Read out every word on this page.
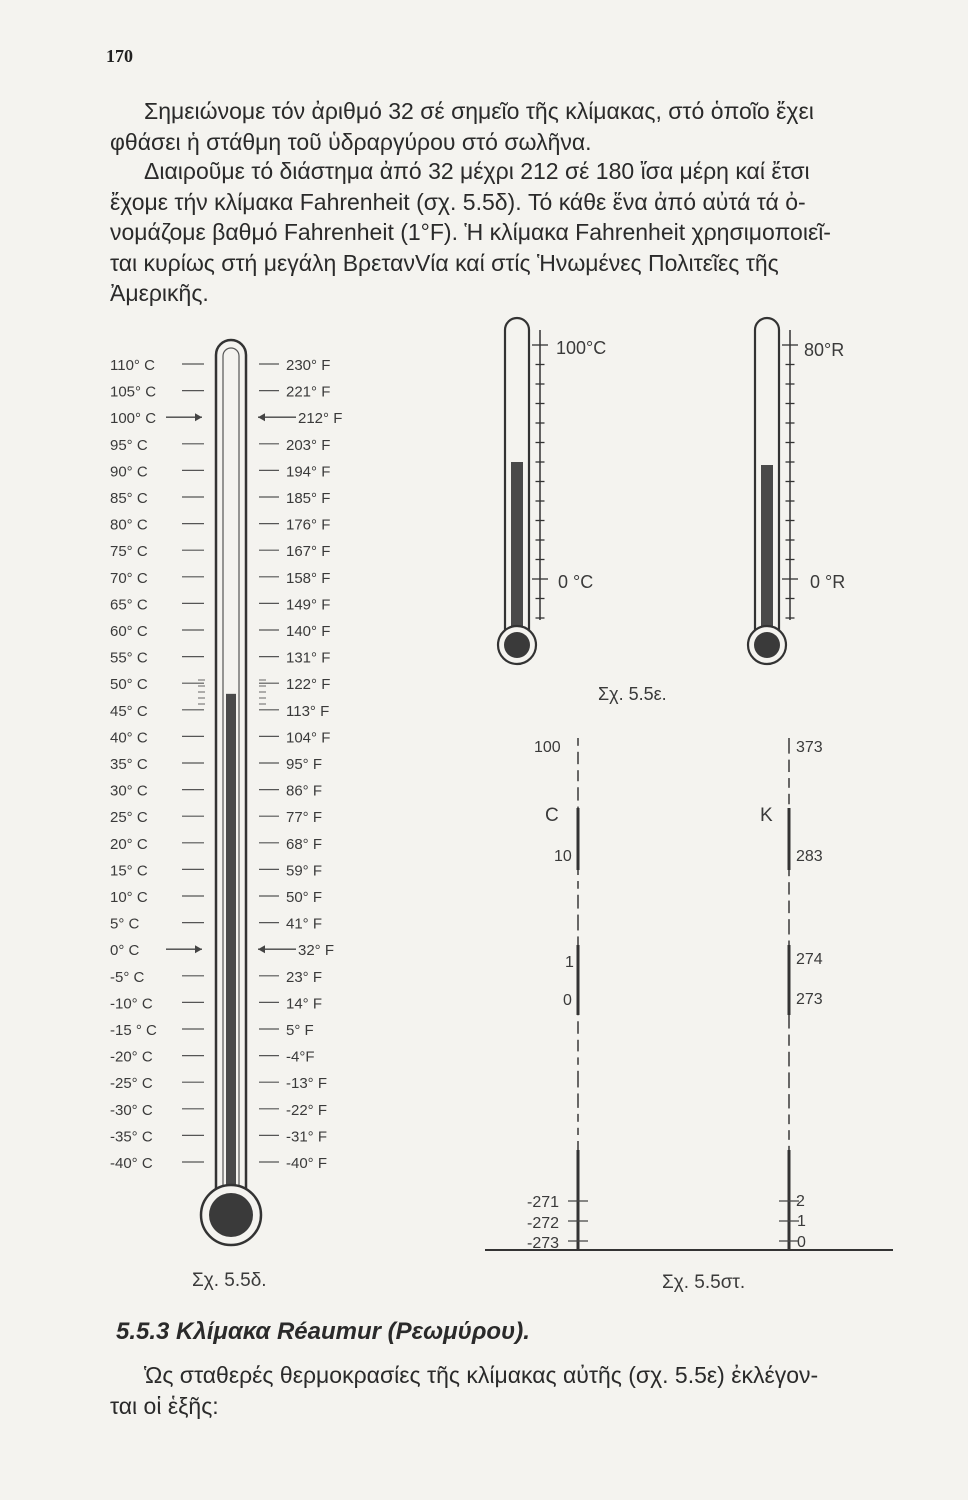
170

Σημειώνομε τόν ἀριθμό 32 σέ σημεῖο τῆς κλίμακας, στό ὁποῖο ἔχει

φθάσει ἡ στάθμη τοῦ ὑδραργύρου στό σωλῆνα.

Διαιροῦμε τό διάστημα ἀπό 32 μέχρι 212 σέ 180 ἴσα μέρη καί ἔτσι

ἔχομε τήν κλίμακα Fahrenheit (σχ. 5.5δ). Τό κάθε ἕνα ἀπό αὐτά τά ὀ-

νομάζομε βαθμό Fahrenheit (1°F). Ἡ κλίμακα Fahrenheit χρησιμοποιεῖ-

ται κυρίως στή μεγάλη ΒρετανVία καί στίς Ἡνωμένες Πολιτεῖες τῆς

Ἀμερικῆς.

Σχ. 5.5δ.
110° C
105° C
100° C
95° C
90° C
85° C
80° C
75° C
70° C
65° C
60° C
55° C
50° C
45° C
40° C
35° C
30° C
25° C
20° C
15° C
10° C
5° C
0° C
-5° C
-10° C
-15 ° C
-20° C
-25° C
-30° C
-35° C
-40° C
230° F
221° F
212° F
203° F
194° F
185° F
176° F
167° F
158° F
149° F
140° F
131° F
122° F
113° F
104° F
95° F
86° F
77° F
68° F
59° F
50° F
41° F
32° F
23° F
14° F
5° F
-4°F
-13° F
-22° F
-31° F
-40° F
100°C
0 °C
80°R
0 °R
Σχ. 5.5ε.
C	K
100
10
1
0
-271
-272
-273
373
283
274
273
2
1
0
Σχ. 5.5στ.
5.5.3 Κλίμακα Réaumur (Ρεωμύρου).

Ὡς σταθερές θερμοκρασίες τῆς κλίμακας αὐτῆς (σχ. 5.5ε) ἐκλέγον-

ται οἱ ἑξῆς:
